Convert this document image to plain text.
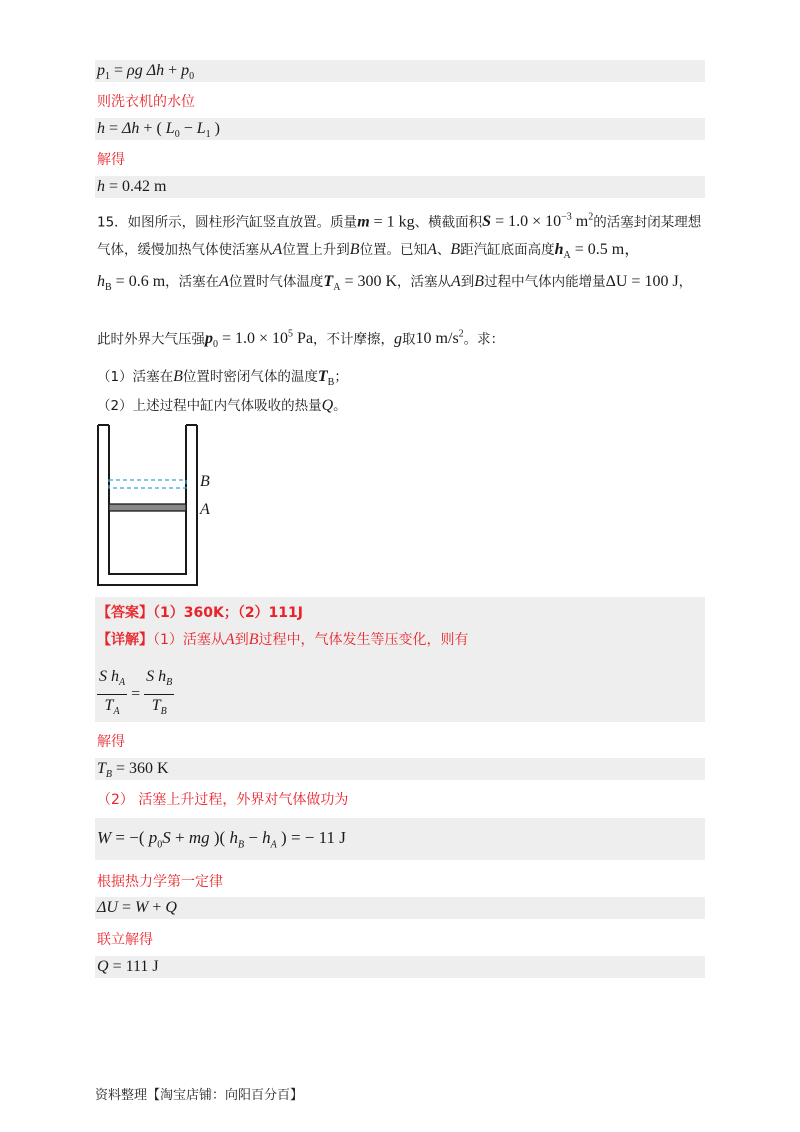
$p_1 = \rho g$ $\Delta h + p_0$
则洗衣机的水位
h = Δh + ( $L_0 - L_1$ )
解得
h = 0.42 m
15．如图所示，圆柱形汽缸竖直放置。质量m = 1 kg、横截面积$S = 1.0 \times 10^{-3}$ $m^2$的活塞封闭某理想
气体，缓慢加热气体使活塞从A位置上升到B位置。已知A、B距汽缸底面高度$h_A = 0.5$ m，
$h_B = 0.6$ m，活塞在A位置时气体温度$T_A = 300$ K，活塞从A到B过程中气体内能增量ΔU = 100 J，
此时外界大气压强$p_0 = 1.0 \times 10^5$ Pa，不计摩擦，g取10 $m/s^2$。求：
（1）活塞在B位置时密闭气体的温度$T_B$；
（2）上述过程中缸内气体吸收的热量Q。
B
A
【答案】（1）360K；（2）111J
【详解】（1）活塞从A到B过程中，气体发生等压变化，则有
$\frac{S h_A}{T_A} = \frac{S h_B}{T_B}$
解得
$T_B = 360$ K
（2） 活塞上升过程，外界对气体做功为
W = −( $p_0S$ + mg )( $h_B - h_A$ ) = − 11 J
根据热力学第一定律
ΔU = W + Q
联立解得
Q = 111 J
资料整理【淘宝店铺：向阳百分百】
